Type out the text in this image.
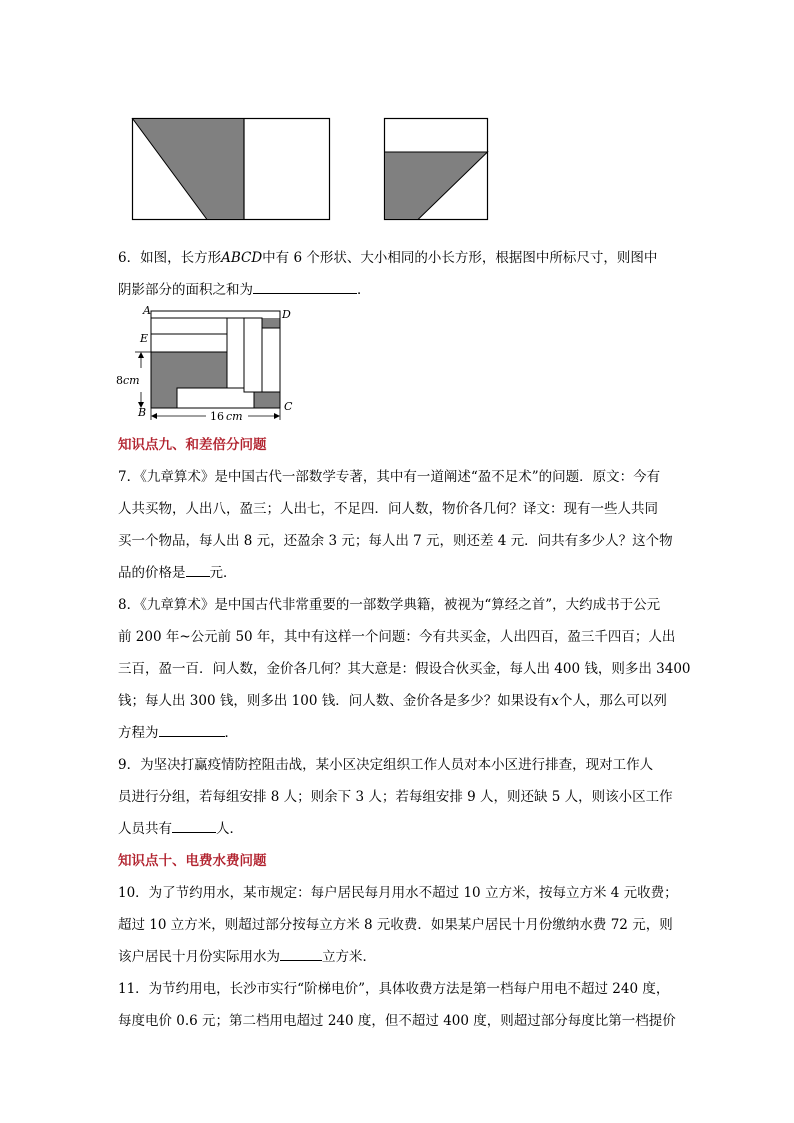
6．如图，长方形ABCD中有 6 个形状、大小相同的小长方形，根据图中所标尺寸，则图中
阴影部分的面积之和为	．
A	D
E
B	C
8cm
16 cm
知识点九、和差倍分问题
7．《九章算术》是中国古代一部数学专著，其中有一道阐述“盈不足术”的问题．原文：今有
人共买物，人出八，盈三；人出七，不足四．问人数，物价各几何？译文：现有一些人共同
买一个物品，每人出 8 元，还盈余 3 元；每人出 7 元，则还差 4 元．问共有多少人？这个物
品的价格是 元．
8．《九章算术》是中国古代非常重要的一部数学典籍，被视为“算经之首”，大约成书于公元
前 200 年~公元前 50 年，其中有这样一个问题：今有共买金，人出四百，盈三千四百；人出
三百，盈一百．问人数，金价各几何？其大意是：假设合伙买金，每人出 400 钱，则多出 3400
钱；每人出 300 钱，则多出 100 钱．问人数、金价各是多少？如果设有x个人，那么可以列
方程为	．
9．为坚决打赢疫情防控阻击战，某小区决定组织工作人员对本小区进行排查，现对工作人
员进行分组，若每组安排 8 人；则余下 3 人；若每组安排 9 人，则还缺 5 人，则该小区工作
人员共有	人．
知识点十、电费水费问题
10．为了节约用水，某市规定：每户居民每月用水不超过 10 立方米，按每立方米 4 元收费；
超过 10 立方米，则超过部分按每立方米 8 元收费．如果某户居民十月份缴纳水费 72 元，则
该户居民十月份实际用水为	立方米．
11．为节约用电，长沙市实行“阶梯电价”，具体收费方法是第一档每户用电不超过 240 度，
每度电价 0.6 元；第二档用电超过 240 度，但不超过 400 度，则超过部分每度比第一档提价
